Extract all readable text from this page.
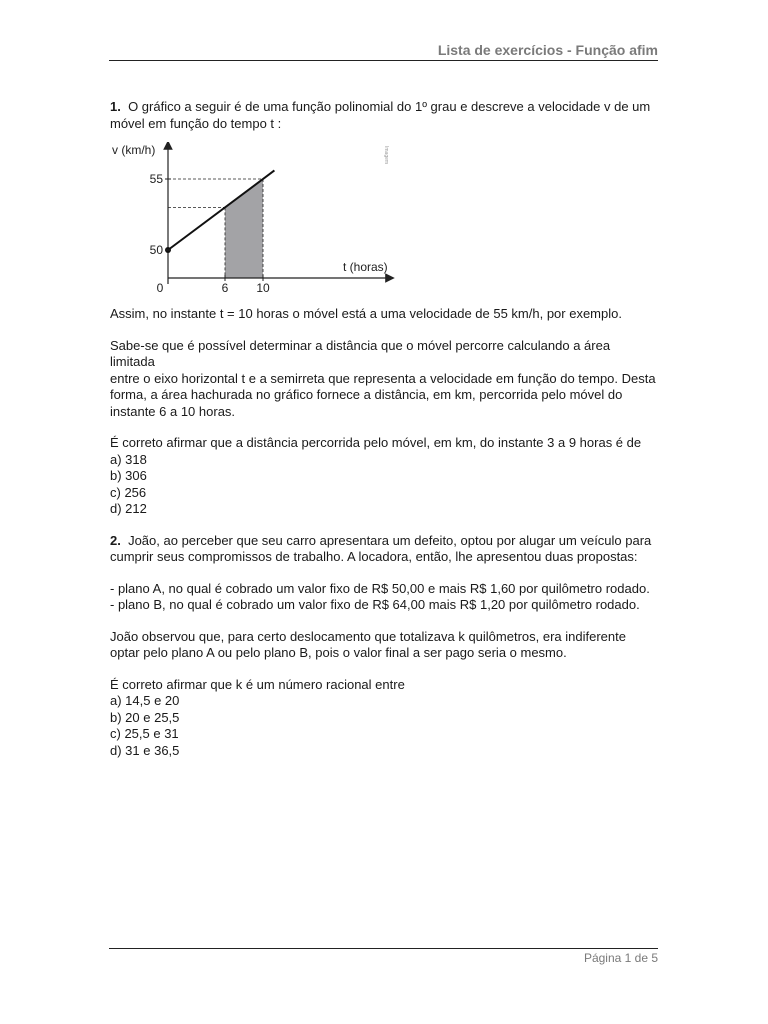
Lista de exercícios - Função afim

1. O gráfico a seguir é de uma função polinomial do 1º grau e descreve a velocidade v de um

móvel em função do tempo t :

50
55
0	6 10
v (km/h)
t (horas)
Imagem

Assim, no instante t = 10 horas o móvel está a uma velocidade de 55 km/h, por exemplo.

Sabe-se que é possível determinar a distância que o móvel percorre calculando a área limitada

entre o eixo horizontal t e a semirreta que representa a velocidade em função do tempo. Desta

forma, a área hachurada no gráfico fornece a distância, em km, percorrida pelo móvel do

instante 6 a 10 horas.

É correto afirmar que a distância percorrida pelo móvel, em km, do instante 3 a 9 horas é de

a) 318

b) 306

c) 256

d) 212

2. João, ao perceber que seu carro apresentara um defeito, optou por alugar um veículo para

cumprir seus compromissos de trabalho. A locadora, então, lhe apresentou duas propostas:

- plano A, no qual é cobrado um valor fixo de R$ 50,00 e mais R$ 1,60 por quilômetro rodado.

- plano B, no qual é cobrado um valor fixo de R$ 64,00 mais R$ 1,20 por quilômetro rodado.

João observou que, para certo deslocamento que totalizava k quilômetros, era indiferente

optar pelo plano A ou pelo plano B, pois o valor final a ser pago seria o mesmo.

É correto afirmar que k é um número racional entre

a) 14,5 e 20

b) 20 e 25,5

c) 25,5 e 31

d) 31 e 36,5

Página 1 de 5
